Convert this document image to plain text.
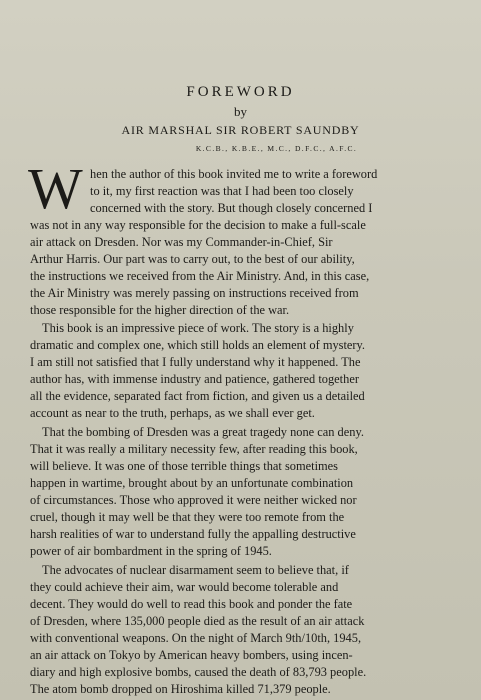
FOREWORD
by
AIR MARSHAL SIR ROBERT SAUNDBY
K.C.B., K.B.E., M.C., D.F.C., A.F.C.
W hen the author of this book invited me to write a foreword
to it, my first reaction was that I had been too closely
concerned with the story. But though closely concerned I
was not in any way responsible for the decision to make a full-scale
air attack on Dresden. Nor was my Commander-in-Chief, Sir
Arthur Harris. Our part was to carry out, to the best of our ability,
the instructions we received from the Air Ministry. And, in this case,
the Air Ministry was merely passing on instructions received from
those responsible for the higher direction of the war.
This book is an impressive piece of work. The story is a highly
dramatic and complex one, which still holds an element of mystery.
I am still not satisfied that I fully understand why it happened. The
author has, with immense industry and patience, gathered together
all the evidence, separated fact from fiction, and given us a detailed
account as near to the truth, perhaps, as we shall ever get.
That the bombing of Dresden was a great tragedy none can deny.
That it was really a military necessity few, after reading this book,
will believe. It was one of those terrible things that sometimes
happen in wartime, brought about by an unfortunate combination
of circumstances. Those who approved it were neither wicked nor
cruel, though it may well be that they were too remote from the
harsh realities of war to understand fully the appalling destructive
power of air bombardment in the spring of 1945.
The advocates of nuclear disarmament seem to believe that, if
they could achieve their aim, war would become tolerable and
decent. They would do well to read this book and ponder the fate
of Dresden, where 135,000 people died as the result of an air attack
with conventional weapons. On the night of March 9th/10th, 1945,
an air attack on Tokyo by American heavy bombers, using incen-
diary and high explosive bombs, caused the death of 83,793 people.
The atom bomb dropped on Hiroshima killed 71,379 people.
